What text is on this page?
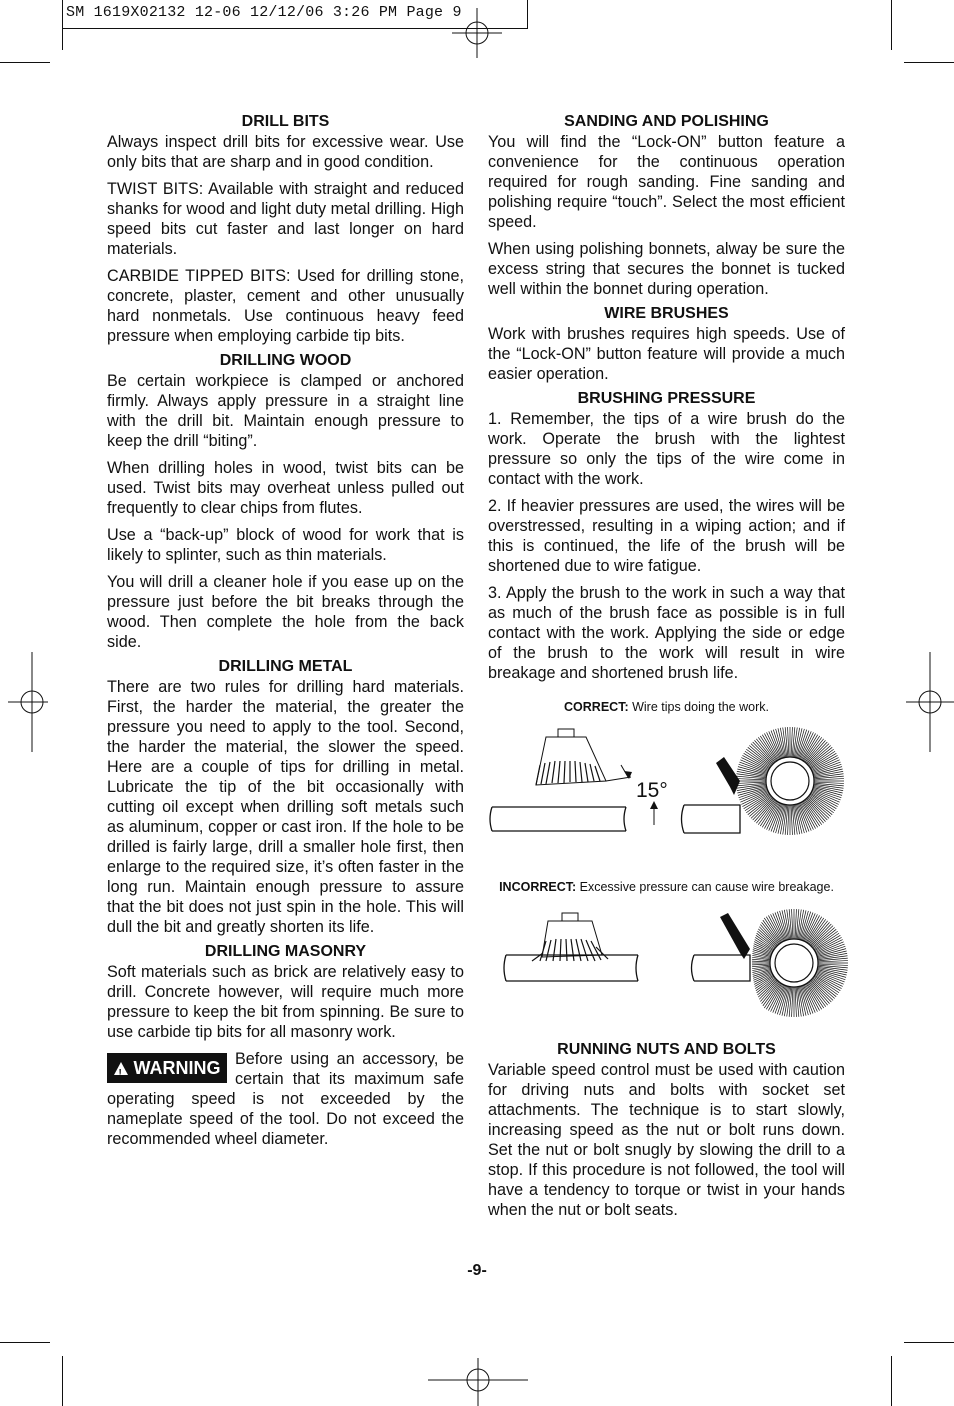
SM 1619X02132 12-06 12/12/06 3:26 PM Page 9
DRILL BITS

Always inspect drill bits for excessive wear. Use only bits that are sharp and in good condition.

TWIST BITS: Available with straight and reduced shanks for wood and light duty metal drilling. High speed bits cut faster and last longer on hard materials.

CARBIDE TIPPED BITS: Used for drilling stone, concrete, plaster, cement and other unusually hard nonmetals. Use continuous heavy feed pressure when employing carbide tip bits.

DRILLING WOOD

Be certain workpiece is clamped or anchored firmly. Always apply pressure in a straight line with the drill bit. Maintain enough pressure to keep the drill “biting”.

When drilling holes in wood, twist bits can be used. Twist bits may overheat unless pulled out frequently to clear chips from flutes.

Use a “back-up” block of wood for work that is likely to splinter, such as thin materials.

You will drill a cleaner hole if you ease up on the pressure just before the bit breaks through the wood. Then complete the hole from the back side.

DRILLING METAL

There are two rules for drilling hard materials. First, the harder the material, the greater the pressure you need to apply to the tool. Second, the harder the material, the slower the speed. Here are a couple of tips for drilling in metal. Lubricate the tip of the bit occasionally with cutting oil except when drilling soft metals such as aluminum, copper or cast iron. If the hole to be drilled is fairly large, drill a smaller hole first, then enlarge to the required size, it’s often faster in the long run. Maintain enough pressure to assure that the bit does not just spin in the hole. This will dull the bit and greatly shorten its life.

DRILLING MASONRY

Soft materials such as brick are relatively easy to drill. Concrete however, will require much more pressure to keep the bit from spinning. Be sure to use carbide tip bits for all masonry work.

! WARNING Before using an accessory, be certain that its maximum safe operating speed is not exceeded by the nameplate speed of the tool. Do not exceed the recommended wheel diameter.

SANDING AND POLISHING

You will find the “Lock-ON” button feature a convenience for the continuous operation required for rough sanding. Fine sanding and polishing require “touch”. Select the most efficient speed.

When using polishing bonnets, alway be sure the excess string that secures the bonnet is tucked well within the bonnet during operation.

WIRE BRUSHES

Work with brushes requires high speeds. Use of the “Lock-ON” button feature will provide a much easier operation.

BRUSHING PRESSURE

1. Remember, the tips of a wire brush do the work. Operate the brush with the lightest pressure so only the tips of the wire come in contact with the work.

2. If heavier pressures are used, the wires will be overstressed, resulting in a wiping action; and if this is continued, the life of the brush will be shortened due to wire fatigue.

3. Apply the brush to the work in such a way that as much of the brush face as possible is in full contact with the work. Applying the side or edge of the brush to the work will result in wire breakage and shortened brush life.

CORRECT: Wire tips doing the work.
15°
INCORRECT: Excessive pressure can cause wire breakage.
RUNNING NUTS AND BOLTS

Variable speed control must be used with caution for driving nuts and bolts with socket set attachments. The technique is to start slowly, increasing speed as the nut or bolt runs down. Set the nut or bolt snugly by slowing the drill to a stop. If this procedure is not followed, the tool will have a tendency to torque or twist in your hands when the nut or bolt seats.

-9-
